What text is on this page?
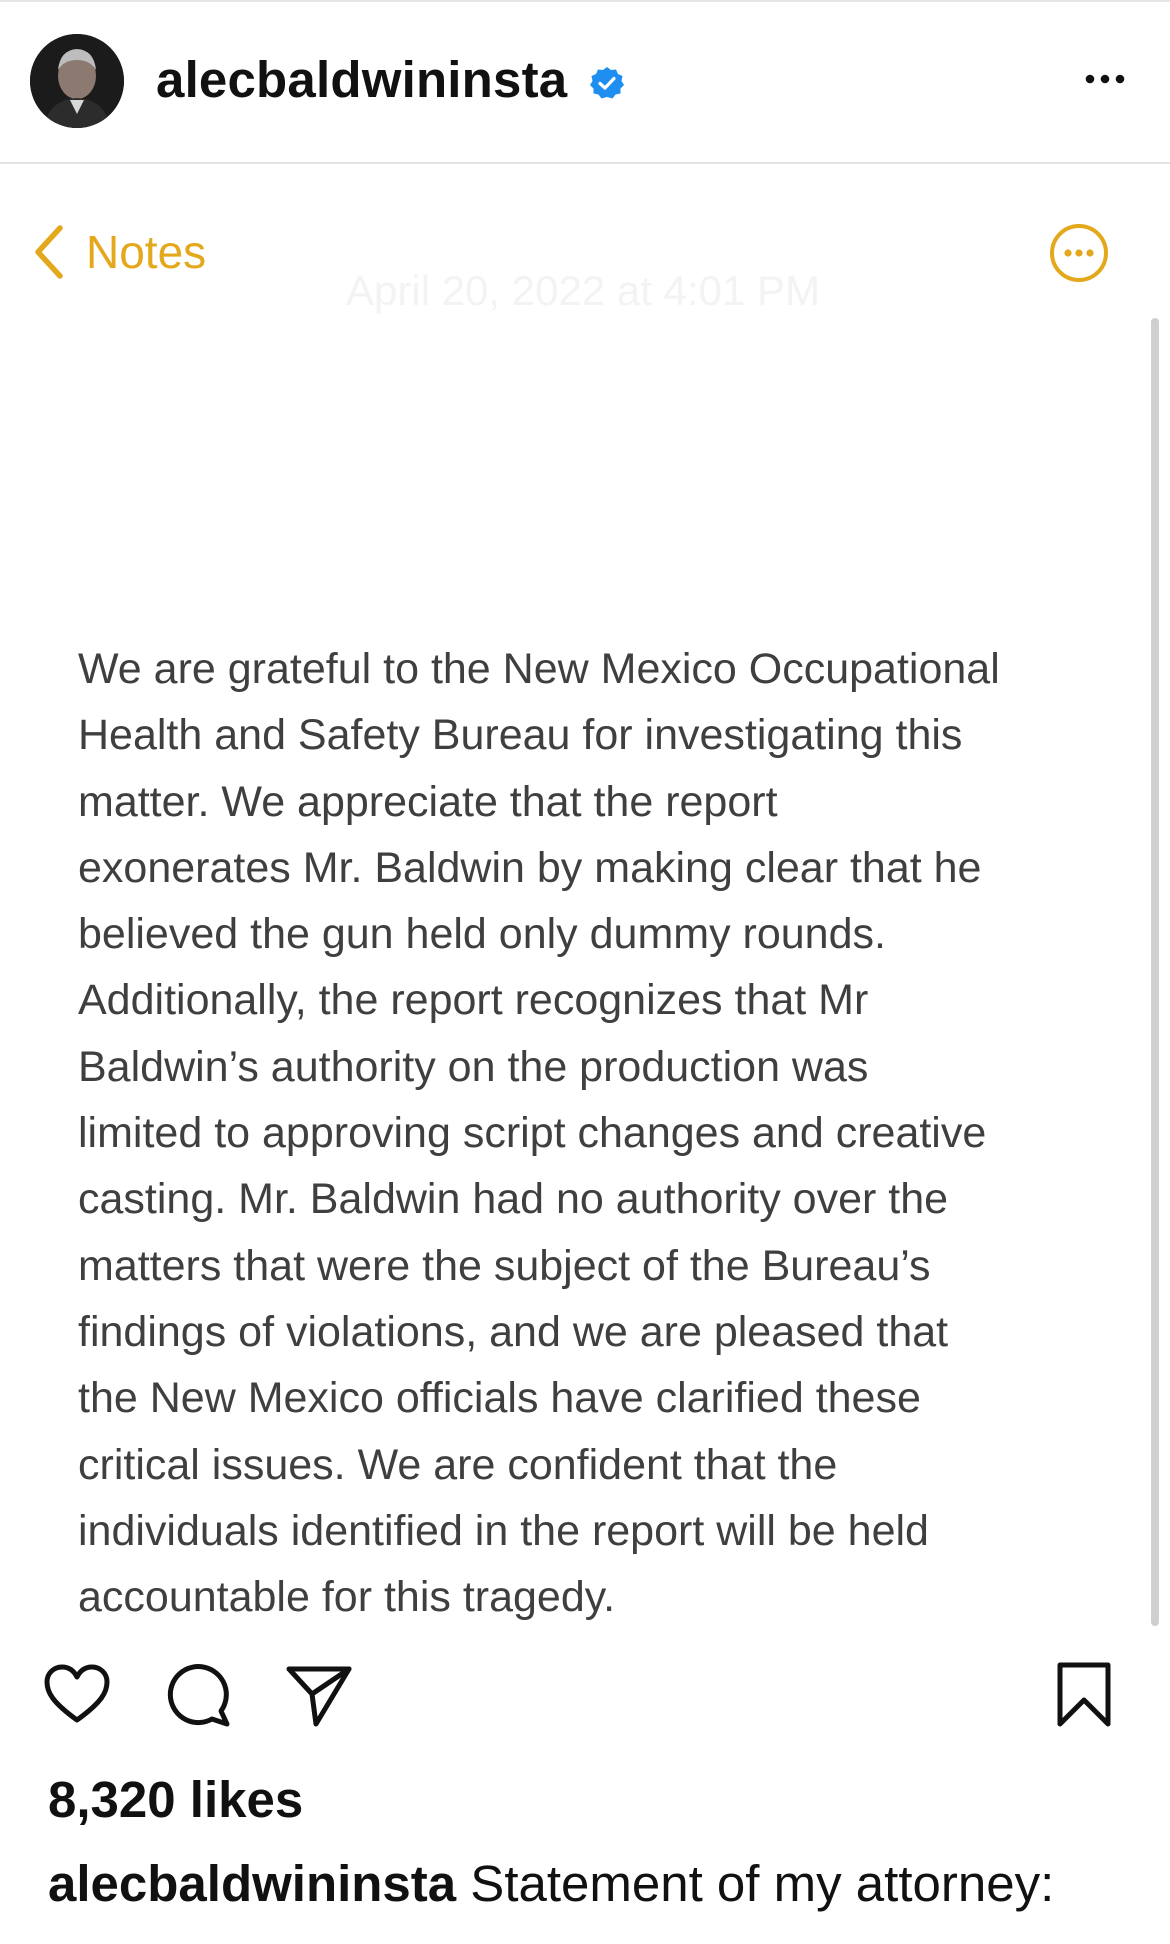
alecbaldwininsta
Notes
April 20, 2022 at 4:01 PM
We are grateful to the New Mexico Occupational
Health and Safety Bureau for investigating this
matter. We appreciate that the report
exonerates Mr. Baldwin by making clear that he
believed the gun held only dummy rounds.
Additionally, the report recognizes that Mr
Baldwin’s authority on the production was
limited to approving script changes and creative
casting. Mr. Baldwin had no authority over the
matters that were the subject of the Bureau’s
findings of violations, and we are pleased that
the New Mexico officials have clarified these
critical issues. We are confident that the
individuals identified in the report will be held
accountable for this tragedy.
8,320 likes
alecbaldwininsta Statement of my attorney:
